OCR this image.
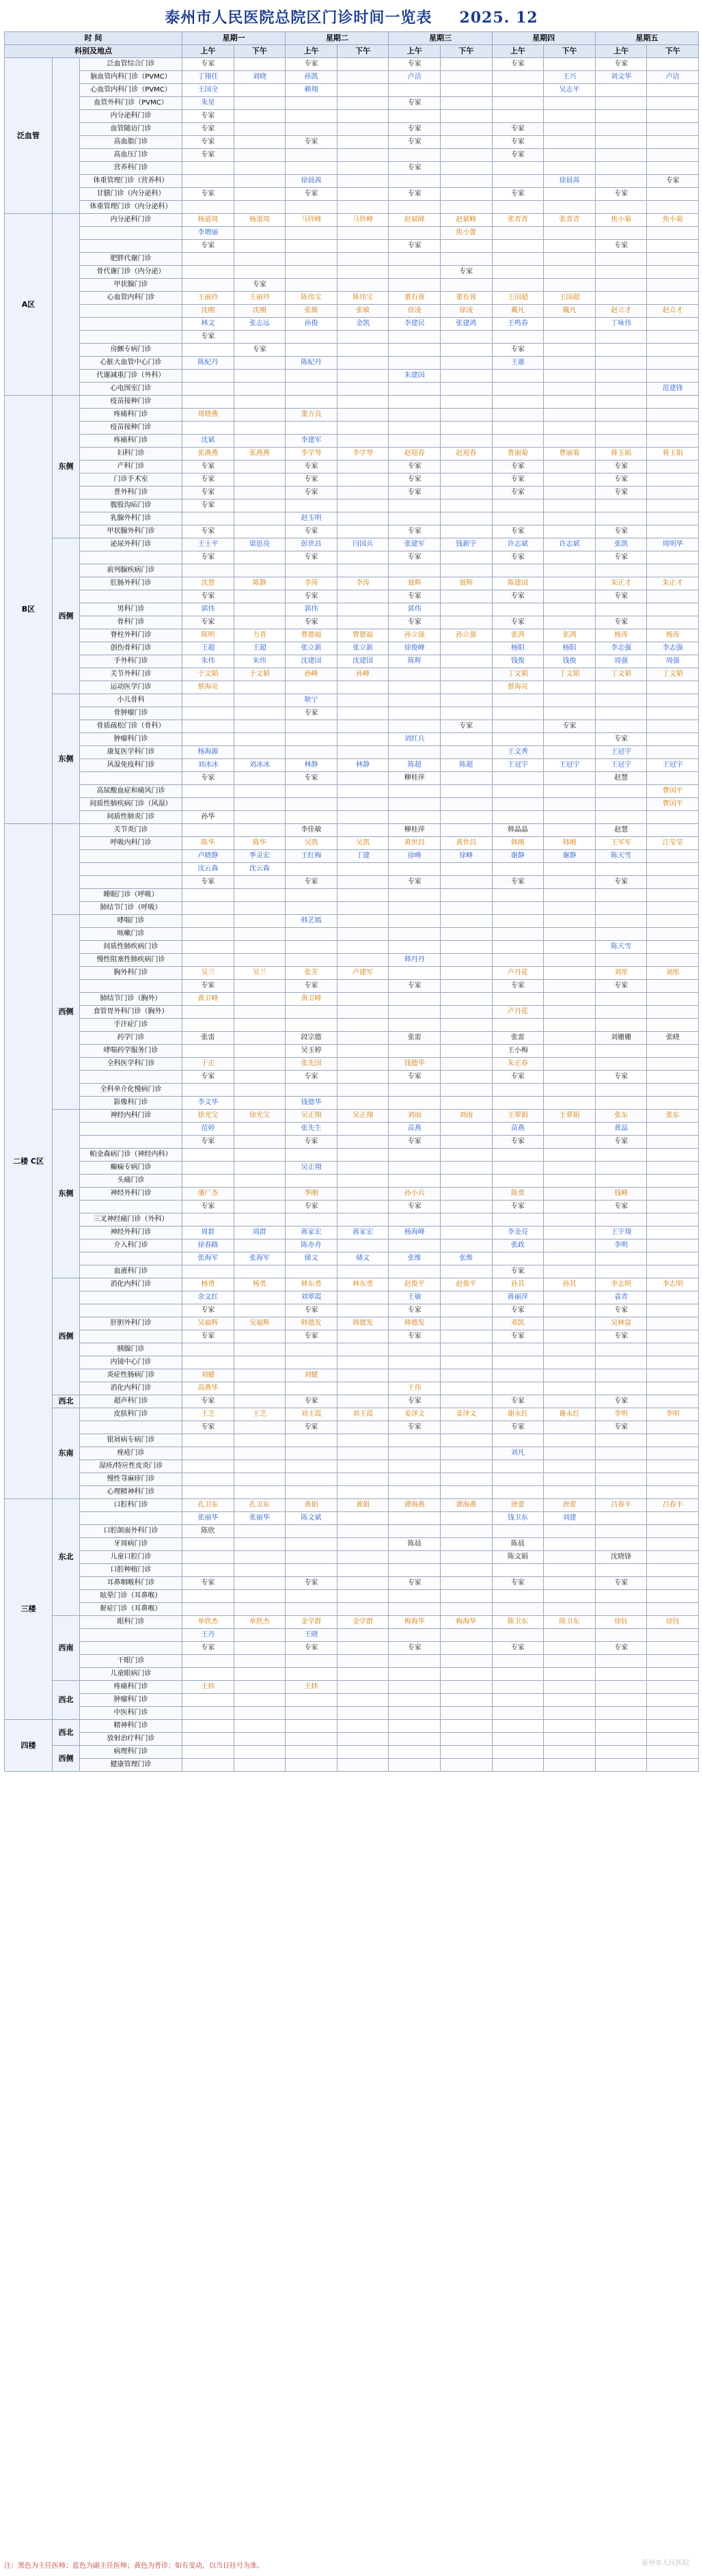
泰州市人民医院总院区门诊时间一览表 2025. 12
时 间			星期一		星期二		星期三		星期四		星期五	
科别及地点			上午	下午	上午	下午	上午	下午	上午	下午	上午	下午
泛血管		泛血管综合门诊	专家		专家		专家		专家		专家	
		脑血管内科门诊（PVMC）	丁翔任	刘晓	孙凯		卢洁			王兴	刘文华	卢洁
		心血管内科门诊（PVMC）	王国全		赖翔					吴志平		
		血管外科门诊（PVMC）	朱星				专家					
		内分泌科门诊	专家									
		血管随访门诊	专家				专家		专家			
		高血脂门诊	专家		专家		专家		专家			
		高血压门诊	专家						专家			
		营养科门诊					专家					
		体重管理门诊（营养科）			徐晨茜					徐晨茜		专家
		甘膳门诊（内分泌科）	专家		专家		专家		专家		专家	
		体重管理门诊（内分泌科）										
A区		内分泌科门诊	杨道周	杨道周	马铃峰	马铃峰	赵斌峰	赵斌峰	张青青	张青青	焦小菊	焦小菊
			李增丽					焦小蕾				
			专家				专家				专家	
		肥胖代谢门诊										
		骨代谢门诊（内分泌）						专家				
		甲状腺门诊		专家								
		心血管内科门诊	王丽玲	王丽玲	陈伟宝	陈伟宝	董有蓉	董有蓉	王国超	王国超		
			沈刚	沈刚	张敏	张敏	徐凌	徐凌	戴凡	戴凡	赵立才	赵立才
			林文	张志远	孙俊	金凯	李建民	张建鸿	王鸣春		丁咏伟	
			专家									
		房颤专病门诊		专家					专家			
		心脏大血管中心门诊	陈紀丹		陈紀丹				王惠			
		代谢减重门诊（外科）					朱建国					
		心电图室门诊										范建锋
B区	东侧	疫苗接种门诊										
		疼痛科门诊	周晓燕		董方良							
		疫苗接种门诊										
		疼痛科门诊	沈斌		李建军							
		妇科门诊	张燕燕	张燕燕	李学琴	李学琴	赵迎春	赵迎春	曹丽菊	曹丽菊	蒋玉娟	蒋玉娟
		产科门诊	专家		专家		专家		专家		专家	
		门诊手术室	专家		专家		专家		专家		专家	
		普外科门诊	专家		专家		专家		专家		专家	
		腹股沟疝门诊	专家									
		乳腺外科门诊			赵玉明							
		甲状腺外科门诊	专家		专家		专家		专家		专家	
	西侧	泌尿外科门诊	王士平	梁思亮	彭世昌	闫国兵	张建军	钱新宇	许志斌	许志斌	张凯	周明华
			专家		专家		专家		专家		专家	
		前列腺疾病门诊										
		肛肠外科门诊	沈慧	陈静	李涛	李涛	聂辉	聂辉	陈建国		朱正才	朱正才
			专家		专家		专家		专家		专家	
		男科门诊	郭伟		郭伟		郭伟					
		骨科门诊	专家		专家		专家		专家		专家	
		脊柱外科门诊	陈明	力喜	曹德福	曹德福	孙立强	孙立强	张鸿	张鸿	杨涛	杨涛
		创伤骨科门诊	王超	王超	张立新	张立新	徐俊峰		杨阳	杨阳	李志强	李志强
		手外科门诊	朱伟	朱伟	沈建国	沈建国	陈辉		钱俊	钱俊	周强	周强
		关节外科门诊	于文韬	于文韬	孙峰	孙峰			丁文韬	丁文韬	丁文韬	丁文韬
		运动医学门诊	蔡海亮						蔡海亮			
	东侧	小儿骨科			耿宁							
		骨肿瘤门诊			专家							
		骨质疏松门诊（骨科）						专家		专家		
		肿瘤科门诊					刘红兵				专家	
		康复医学科门诊	杨海源						王文秀		王冠宇	
		风湿免疫科门诊	刘冰冰	刘冰冰	林静	林静	陈超	陈超	王冠宇	王冠宇	王冠宇	王冠宇
			专家		专家		柳桂萍				赵慧	
		高尿酸血症和痛风门诊										曹国平
		间质性肺疾病门诊（风湿）										曹国平
		间质性肺炎门诊	孙华									
二楼 C区		关节炎门诊			李佳敏		柳桂萍		韩晶晶		赵慧	
		呼吸内科门诊	陈华	陈华	吴凯	吴凯	黄世昌	黄世昌	韩刚	韩刚	王军军	江莹莹
			卢晓静	季灵宏	王红梅	丁建	徐峰	徐峰	谢静	谢静	陈天雪	
			沈云森	沈云森								
			专家		专家		专家		专家		专家	
		睡眠门诊（呼吸）										
		肺结节门诊（呼吸）										
	西侧	哮喘门诊			韩艺嫣							
		咳嗽门诊										
		间质性肺疾病门诊									陈天雪	
		慢性阻塞性肺疾病门诊					韩丹丹					
		胸外科门诊	吴兰	吴兰	张芳	卢建军			卢丹花		刘彤	刘彤
			专家		专家		专家		专家		专家	
		肺结节门诊（胸外）	黄卫峰		黄卫峰							
		食管胃外科门诊（胸外）							卢丹花			
		手汗症门诊										
		药学门诊	张雷		段宗德		张雷		张雷		刘姗姗	张晓
		哮喘药学服务门诊			吴玉婷				王小梅			
		全科医学科门诊	于正		张先国		钱德华		朱正春			
			专家		专家		专家		专家		专家	
		全科单介化慢病门诊										
		影像科门诊	李文华		钱德华							
	东侧	神经内科门诊	徐光宝	徐光宝	吴正翔	吴正翔	刘雨	刘雨	王翠娟	王翠娟	张东	张东
			范婷		张先生		苗燕		苗燕		黄晶	
			专家		专家		专家		专家		专家	
		帕金森病门诊（神经内科）										
		癫痫专病门诊			吴正翔							
		头痛门诊										
		神经外科门诊	潘广杰		季刚		孙小兵		陈勇		钱峰	
			专家		专家		专家		专家		专家	
		三叉神经痛门诊（外科）										
		神经外科门诊	周群	周群	蒋家宏	蒋家宏	杨海峰		李金亮		王宇翔	
		介入科门诊	徐春路		陈亦舟				张政		李明	
			张海军	张海军	储文	储文	张维	张维				
		血液科门诊							专家			
	西侧	消化内科门诊	杨勇	杨勇	林东勇	林东勇	赵俊平	赵俊平	孙其	孙其	李志明	李志明
			余文红		刘翠霞		王敏		蒋丽萍		袁青	
			专家		专家		专家		专家		专家	
		肝胆外科门诊	吴福辉	吴福辉	韩德发	韩德发	韩德发		邓凯		吴林富	
			专家		专家		专家		专家		专家	
		胰腺门诊										
		内镜中心门诊										
		炎症性肠病门诊	刘健		刘健							
		消化内科门诊	高燕华				王伟					
	西北	超声科门诊	专家		专家		专家		专家		专家	
	东南	皮肤科门诊	王芝	王芝	刘玉霞	刘玉霞	姜泽文	姜泽文	谢永红	谢永红	李明	李明
			专家		专家		专家		专家		专家	
		银屑病专病门诊										
		痤疮门诊							刘凡			
		湿疹/特应性皮炎门诊										
		慢性荨麻疹门诊										
		心理精神科门诊										
三楼	东北	口腔科门诊	孔卫东	孔卫东	黄娟	黄娟	谭海燕	谭海燕	唐蕾	唐蕾	吕春丰	吕春丰
			张丽华	张丽华	陈文斌				钱卫东	刘建		
		口腔颌面外科门诊	陈欣									
		牙周病门诊					陈晨		陈晨			
		儿童口腔门诊							陈文娟		沈晓锋	
		口腔种植门诊										
		耳鼻咽喉科门诊	专家		专家		专家		专家		专家	
		眩晕门诊（耳鼻喉）										
		鼾症门诊（耳鼻喉）										
	西南	眼科门诊	单欣杰	单欣杰	金学群	金学群	梅海华	梅海华	陈卫东	陈卫东	徐钰	徐钰
			王丹		王晓							
			专家		专家		专家		专家		专家	
		干眼门诊										
		儿童眼病门诊										
	西北	疼痛科门诊	王炜		王炜							
		肿瘤科门诊										
		中医科门诊										
四楼	西北	精神科门诊										
		放射治疗科门诊										
	西侧	病理科门诊										
		健康管理门诊										
注：黑色为主任医师；蓝色为副主任医师；黄色为普诊；如有变动，以当日挂号为准。	泰州市人民医院
